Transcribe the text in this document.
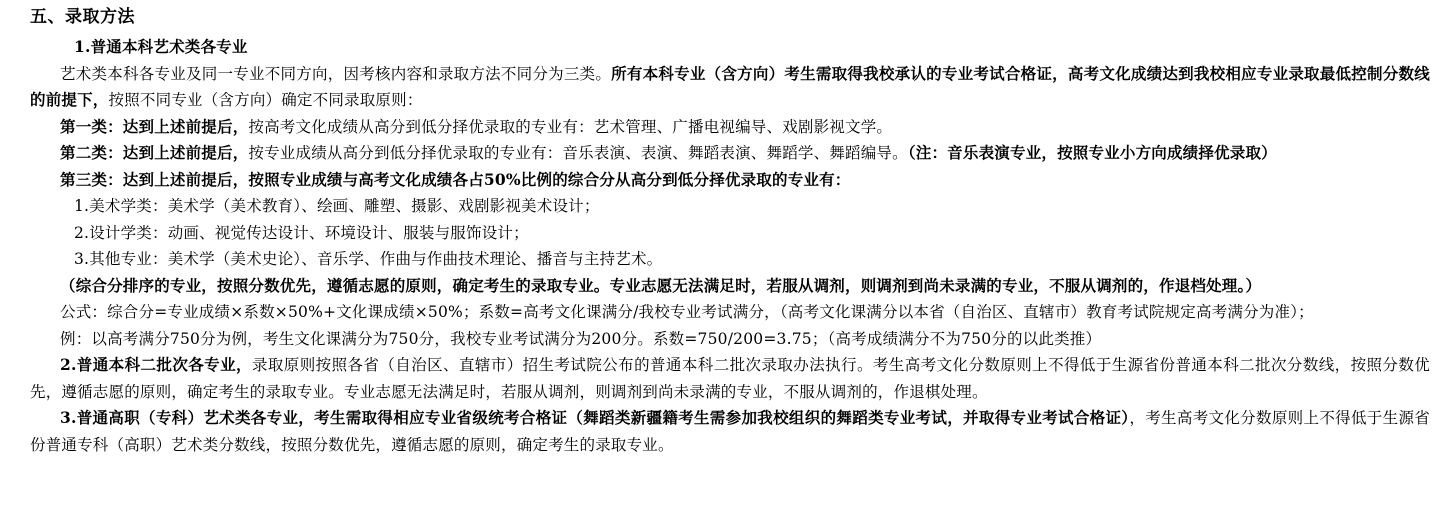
五、录取方法

1.普通本科艺术类各专业

艺术类本科各专业及同一专业不同方向，因考核内容和录取方法不同分为三类。所有本科专业（含方向）考生需取得我校承认的专业考试合格证，高考文化成绩达到我校相应专业录取最低控制分数线的前提下，按照不同专业（含方向）确定不同录取原则：

第一类：达到上述前提后，按高考文化成绩从高分到低分择优录取的专业有：艺术管理、广播电视编导、戏剧影视文学。

第二类：达到上述前提后，按专业成绩从高分到低分择优录取的专业有：音乐表演、表演、舞蹈表演、舞蹈学、舞蹈编导。（注：音乐表演专业，按照专业小方向成绩择优录取）

第三类：达到上述前提后，按照专业成绩与高考文化成绩各占50%比例的综合分从高分到低分择优录取的专业有：

1.美术学类：美术学（美术教育）、绘画、雕塑、摄影、戏剧影视美术设计；

2.设计学类：动画、视觉传达设计、环境设计、服装与服饰设计；

3.其他专业：美术学（美术史论）、音乐学、作曲与作曲技术理论、播音与主持艺术。

（综合分排序的专业，按照分数优先，遵循志愿的原则，确定考生的录取专业。专业志愿无法满足时，若服从调剂，则调剂到尚未录满的专业，不服从调剂的，作退档处理。）

公式：综合分=专业成绩×系数×50%+文化课成绩×50%；系数=高考文化课满分/我校专业考试满分，（高考文化课满分以本省（自治区、直辖市）教育考试院规定高考满分为准）；

例：以高考满分750分为例，考生文化课满分为750分，我校专业考试满分为200分。系数=750/200=3.75；（高考成绩满分不为750分的以此类推）

2.普通本科二批次各专业，录取原则按照各省（自治区、直辖市）招生考试院公布的普通本科二批次录取办法执行。考生高考文化分数原则上不得低于生源省份普通本科二批次分数线，按照分数优先，遵循志愿的原则，确定考生的录取专业。专业志愿无法满足时，若服从调剂，则调剂到尚未录满的专业，不服从调剂的，作退棋处理。

3.普通高职（专科）艺术类各专业，考生需取得相应专业省级统考合格证（舞蹈类新疆籍考生需参加我校组织的舞蹈类专业考试，并取得专业考试合格证），考生高考文化分数原则上不得低于生源省份普通专科（高职）艺术类分数线，按照分数优先，遵循志愿的原则，确定考生的录取专业。
